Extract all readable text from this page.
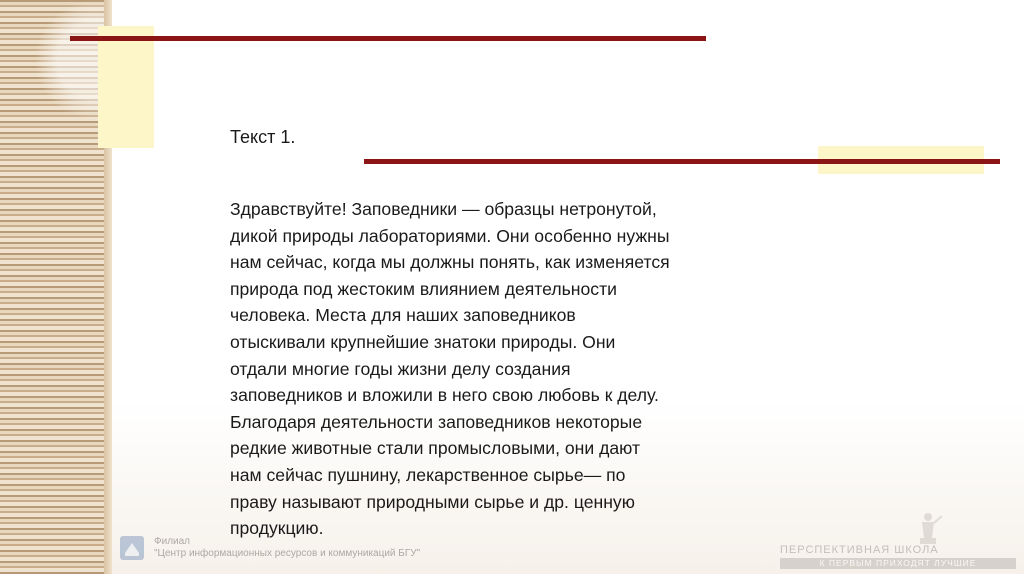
Текст 1.
Здравствуйте! Заповедники — образцы нетронутой,
дикой природы лабораториями. Они особенно нужны
нам сейчас, когда мы должны понять, как изменяется
природа под жестоким влиянием деятельности
человека. Места для наших заповедников
отыскивали крупнейшие знатоки природы. Они
отдали многие годы жизни делу создания
заповедников и вложили в него свою любовь к делу.
Благодаря деятельности заповедников некоторые
редкие животные стали промысловыми, они дают
нам сейчас пушнину, лекарственное сырье— по
праву называют природными сырье и др. ценную
продукцию.
Филиал
"Центр информационных ресурсов и коммуникаций БГУ"	ПЕРСПЕКТИВНАЯ ШКОЛА
К ПЕРВЫМ ПРИХОДЯТ ЛУЧШИЕ
